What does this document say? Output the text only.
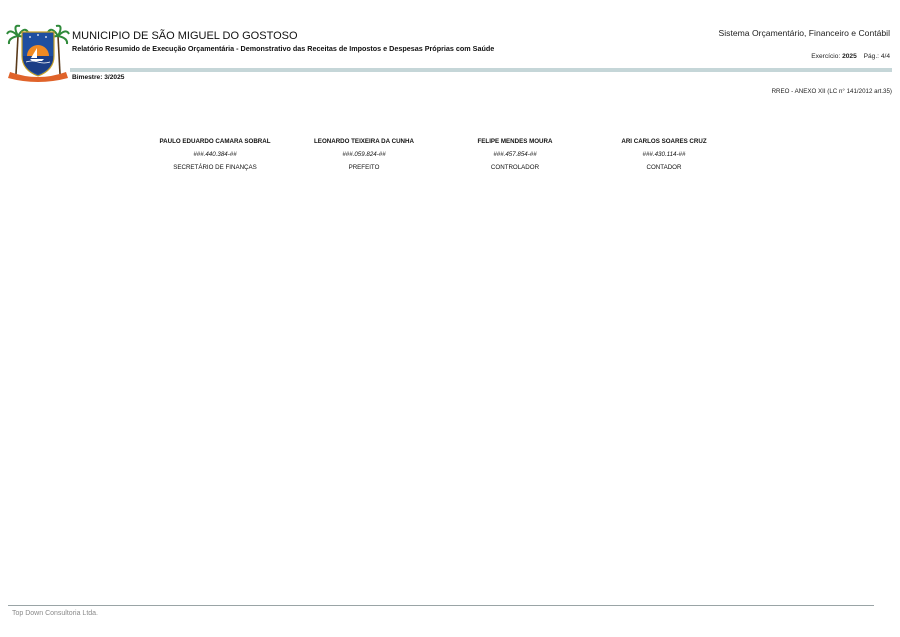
MUNICIPIO DE SÃO MIGUEL DO GOSTOSO
Relatório Resumido de Execução Orçamentária - Demonstrativo das Receitas de Impostos e Despesas Próprias com Saúde
Sistema Orçamentário, Financeiro e Contábil
Exercício: 2025 Pág.: 4/4
Bimestre: 3/2025
RREO - ANEXO XII (LC n° 141/2012 art.35)
PAULO EDUARDO CAMARA SOBRAL
###.440.384-##
SECRETÁRIO DE FINANÇAS
LEONARDO TEIXEIRA DA CUNHA
###.059.824-##
PREFEITO
FELIPE MENDES MOURA
###.457.854-##
CONTROLADOR
ARI CARLOS SOARES CRUZ
###.430.114-##
CONTADOR
Top Down Consultoria Ltda.
